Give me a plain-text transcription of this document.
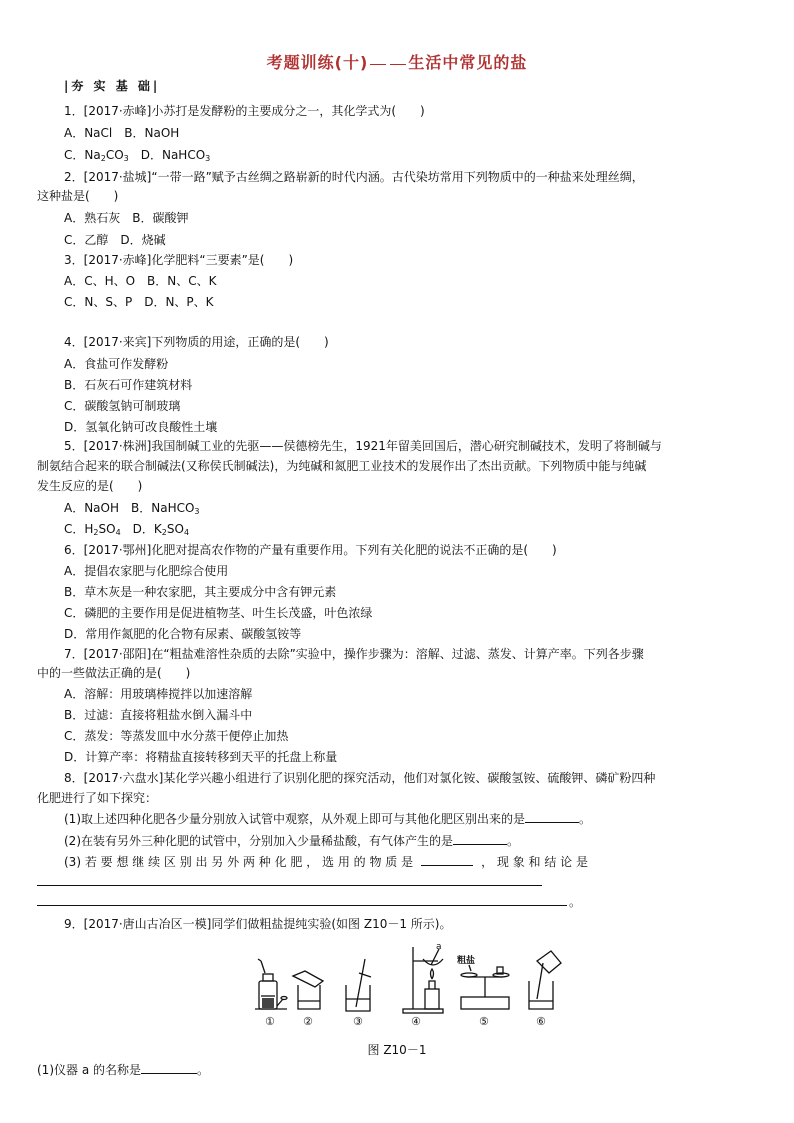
考题训练(十)	生活中常见的盐
|夯 实 基 础|
1．[2017·赤峰]小苏打是发酵粉的主要成分之一，其化学式为(　　)
A．NaCl　B．NaOH
C．$Na_2CO_3$　D．NaHCO$_3$
2．[2017·盐城]“一带一路”赋予古丝绸之路崭新的时代内涵。古代染坊常用下列物质中的一种盐来处理丝绸，
这种盐是(　　)
A．熟石灰　B．碳酸钾
C．乙醇　D．烧碱
3．[2017·赤峰]化学肥料“三要素”是(　　)
A．C、H、O　B．N、C、K
C．N、S、P　D．N、P、K
4．[2017·来宾]下列物质的用途，正确的是(　　)
A．食盐可作发酵粉
B．石灰石可作建筑材料
C．碳酸氢钠可制玻璃
D．氢氧化钠可改良酸性土壤
5．[2017·株洲]我国制碱工业的先驱——侯德榜先生，1921年留美回国后，潜心研究制碱技术，发明了将制碱与
制氨结合起来的联合制碱法(又称侯氏制碱法)，为纯碱和氮肥工业技术的发展作出了杰出贡献。下列物质中能与纯碱
发生反应的是(　　)
A．NaOH　B．NaHCO$_3$
C．$H_2SO_4$　D．$K_2SO_4$
6．[2017·鄂州]化肥对提高农作物的产量有重要作用。下列有关化肥的说法不正确的是(　　)
A．提倡农家肥与化肥综合使用
B．草木灰是一种农家肥，其主要成分中含有钾元素
C．磷肥的主要作用是促进植物茎、叶生长茂盛，叶色浓绿
D．常用作氮肥的化合物有尿素、碳酸氢铵等
7．[2017·邵阳]在“粗盐难溶性杂质的去除”实验中，操作步骤为：溶解、过滤、蒸发、计算产率。下列各步骤
中的一些做法正确的是(　　)
A．溶解：用玻璃棒搅拌以加速溶解
B．过滤：直接将粗盐水倒入漏斗中
C．蒸发：等蒸发皿中水分蒸干便停止加热
D．计算产率：将精盐直接转移到天平的托盘上称量
8．[2017·六盘水]某化学兴趣小组进行了识别化肥的探究活动，他们对氯化铵、碳酸氢铵、硫酸钾、磷矿粉四种
化肥进行了如下探究：
(1)取上述四种化肥各少量分别放入试管中观察，从外观上即可与其他化肥区别出来的是	。
(2)在装有另外三种化肥的试管中，分别加入少量稀盐酸，有气体产生的是	。
(3) 若 要 想 继 续 区 别 出 另 外 两 种 化 肥 ， 选 用 的 物 质 是	， 现 象 和 结 论 是
。
9．[2017·唐山古冶区一模]同学们做粗盐提纯实验(如图 Z10－1 所示)。
a
粗盐
①	②	③	④	⑤	⑥
图 Z10－1
(1)仪器 a 的名称是	。
